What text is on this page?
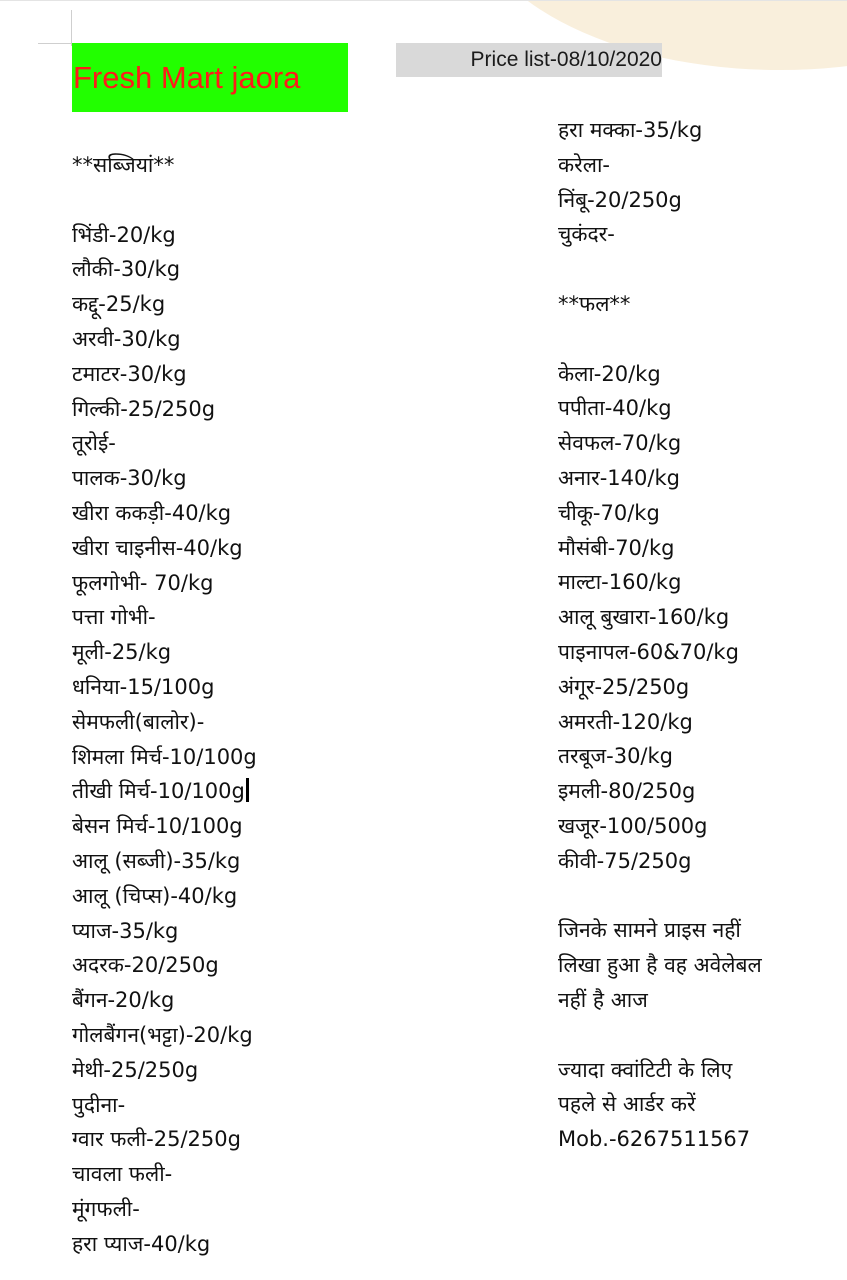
Fresh Mart jaora
Price list-08/10/2020
**सब्जियां**
भिंडी-20/kg
लौकी-30/kg
कद्दू-25/kg
अरवी-30/kg
टमाटर-30/kg
गिल्की-25/250g
तूरोई-
पालक-30/kg
खीरा ककड़ी-40/kg
खीरा चाइनीस-40/kg
फूलगोभी- 70/kg
पत्ता गोभी-
मूली-25/kg
धनिया-15/100g
सेमफली(बालोर)-
शिमला मिर्च-10/100g
तीखी मिर्च-10/100g
बेसन मिर्च-10/100g
आलू (सब्जी)-35/kg
आलू (चिप्स)-40/kg
प्याज-35/kg
अदरक-20/250g
बैंगन-20/kg
गोलबैंगन(भट्टा)-20/kg
मेथी-25/250g
पुदीना-
ग्वार फली-25/250g
चावला फली-
मूंगफली-
हरा प्याज-40/kg
हरा मक्का-35/kg
करेला-
निंबू-20/250g
चुकंदर-
**फल**
केला-20/kg
पपीता-40/kg
सेवफल-70/kg
अनार-140/kg
चीकू-70/kg
मौसंबी-70/kg
माल्टा-160/kg
आलू बुखारा-160/kg
पाइनापल-60&70/kg
अंगूर-25/250g
अमरती-120/kg
तरबूज-30/kg
इमली-80/250g
खजूर-100/500g
कीवी-75/250g
जिनके सामने प्राइस नहीं
लिखा हुआ है वह अवेलेबल
नहीं है आज
ज्यादा क्वांटिटी के लिए
पहले से आर्डर करें
Mob.-6267511567
